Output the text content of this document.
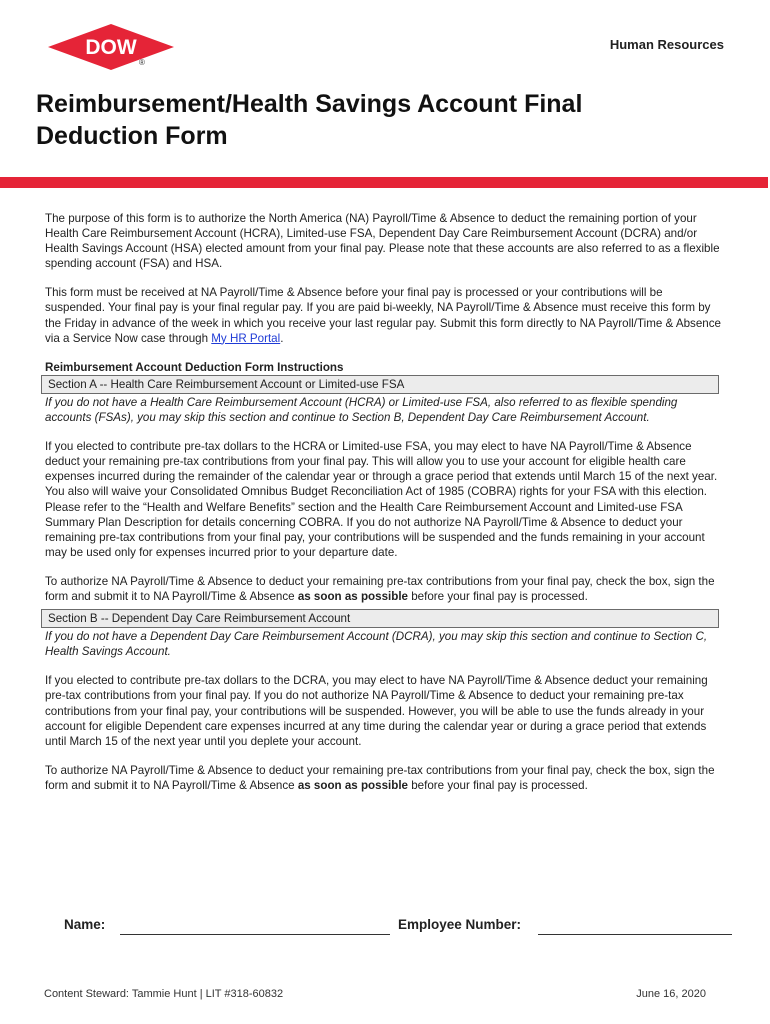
DOW
®
Human Resources
Reimbursement/Health Savings Account Final
Deduction Form

The purpose of this form is to authorize the North America (NA) Payroll/Time & Absence to deduct the remaining portion of your Health Care Reimbursement Account (HCRA), Limited-use FSA, Dependent Day Care Reimbursement Account (DCRA) and/or Health Savings Account (HSA) elected amount from your final pay. Please note that these accounts are also referred to as a flexible spending account (FSA) and HSA.

This form must be received at NA Payroll/Time & Absence before your final pay is processed or your contributions will be suspended. Your final pay is your final regular pay. If you are paid bi-weekly, NA Payroll/Time & Absence must receive this form by the Friday in advance of the week in which you receive your last regular pay. Submit this form directly to NA Payroll/Time & Absence via a Service Now case through My HR Portal.

Reimbursement Account Deduction Form Instructions
Section A -- Health Care Reimbursement Account or Limited-use FSA

If you do not have a Health Care Reimbursement Account (HCRA) or Limited-use FSA, also referred to as flexible spending accounts (FSAs), you may skip this section and continue to Section B, Dependent Day Care Reimbursement Account.

If you elected to contribute pre-tax dollars to the HCRA or Limited-use FSA, you may elect to have NA Payroll/Time & Absence deduct your remaining pre-tax contributions from your final pay. This will allow you to use your account for eligible health care expenses incurred during the remainder of the calendar year or through a grace period that extends until March 15 of the next year. You also will waive your Consolidated Omnibus Budget Reconciliation Act of 1985 (COBRA) rights for your FSA with this election. Please refer to the “Health and Welfare Benefits” section and the Health Care Reimbursement Account and Limited-use FSA Summary Plan Description for details concerning COBRA. If you do not authorize NA Payroll/Time & Absence to deduct your remaining pre-tax contributions from your final pay, your contributions will be suspended and the funds remaining in your account may be used only for expenses incurred prior to your departure date.

To authorize NA Payroll/Time & Absence to deduct your remaining pre-tax contributions from your final pay, check the box, sign the form and submit it to NA Payroll/Time & Absence as soon as possible before your final pay is processed.

Section B -- Dependent Day Care Reimbursement Account

If you do not have a Dependent Day Care Reimbursement Account (DCRA), you may skip this section and continue to Section C, Health Savings Account.

If you elected to contribute pre-tax dollars to the DCRA, you may elect to have NA Payroll/Time & Absence deduct your remaining pre-tax contributions from your final pay. If you do not authorize NA Payroll/Time & Absence to deduct your remaining pre-tax contributions from your final pay, your contributions will be suspended. However, you will be able to use the funds already in your account for eligible Dependent care expenses incurred at any time during the calendar year or during a grace period that extends until March 15 of the next year until you deplete your account.

To authorize NA Payroll/Time & Absence to deduct your remaining pre-tax contributions from your final pay, check the box, sign the form and submit it to NA Payroll/Time & Absence as soon as possible before your final pay is processed.

Name:	Employee Number:
Content Steward: Tammie Hunt | LIT #318-60832	June 16, 2020
